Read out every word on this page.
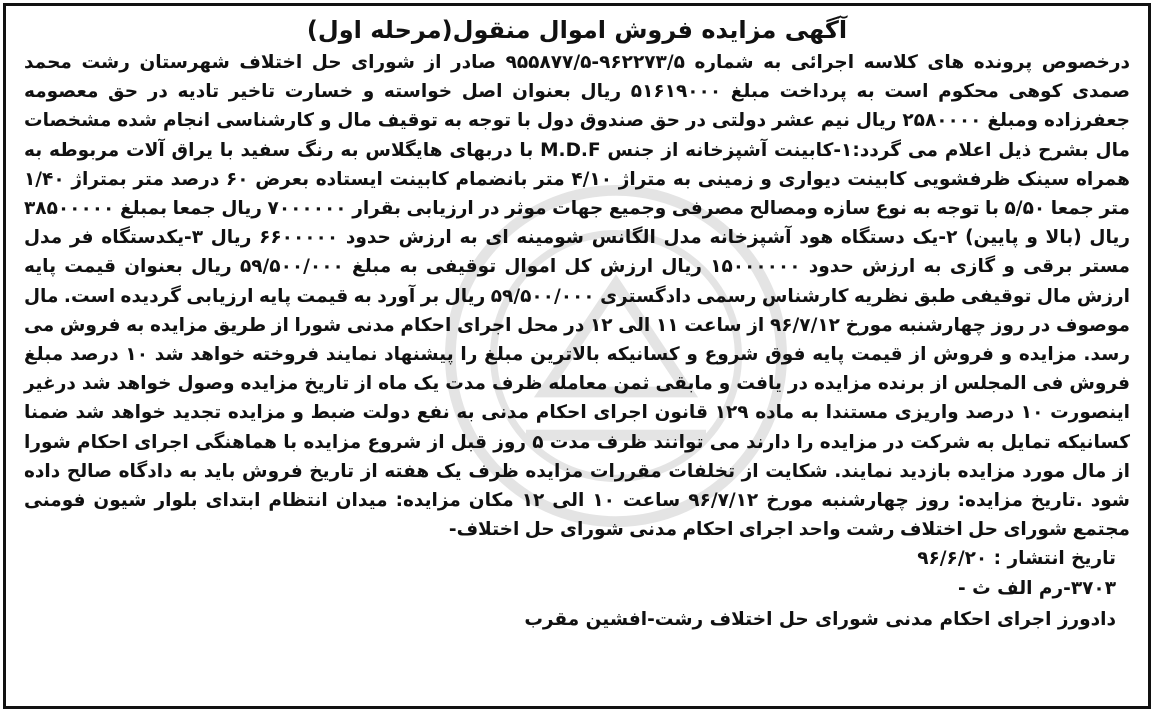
آگهی مزایده فروش اموال منقول(مرحله اول)

درخصوص پرونده های کلاسه اجرائی به شماره ۹۶۲۲۷۳/۵-۹۵۵۸۷۷/۵ صادر از شورای حل اختلاف شهرستان رشت محمد صمدی کوهی محکوم است به پرداخت مبلغ ۵۱۶۱۹۰۰۰ ریال بعنوان اصل خواسته و خسارت تاخیر تادیه در حق معصومه جعفرزاده ومبلغ ۲۵۸۰۰۰۰ ریال نیم عشر دولتی در حق صندوق دول با توجه به توقیف مال و کارشناسی انجام شده مشخصات مال بشرح ذیل اعلام می گردد:۱-کابینت آشپزخانه از جنس M.D.F با دربهای هایگلاس به رنگ سفید با یراق آلات مربوطه به همراه سینک ظرفشویی کابینت دیواری و زمینی به متراژ ۴/۱۰ متر بانضمام کابینت ایستاده بعرض ۶۰ درصد متر بمتراژ ۱/۴۰ متر جمعا ۵/۵۰ با توجه به نوع سازه ومصالح مصرفی وجمیع جهات موثر در ارزیابی بقرار ۷۰۰۰۰۰۰ ریال جمعا بمبلغ ۳۸۵۰۰۰۰۰ ریال (بالا و پایین) ۲-یک دستگاه هود آشپزخانه مدل الگانس شومینه ای به ارزش حدود ۶۶۰۰۰۰۰ ریال ۳-یکدستگاه فر مدل مستر برقی و گازی به ارزش حدود ۱۵۰۰۰۰۰۰ ریال ارزش کل اموال توقیفی به مبلغ ۵۹/۵۰۰/۰۰۰ ریال بعنوان قیمت پایه ارزش مال توقیفی طبق نظریه کارشناس رسمی دادگستری ۵۹/۵۰۰/۰۰۰ ریال بر آورد به قیمت پایه ارزیابی گردیده است. مال موصوف در روز چهارشنبه مورخ ۹۶/۷/۱۲ از ساعت ۱۱ الی ۱۲ در محل اجرای احکام مدنی شورا از طریق مزایده به فروش می رسد. مزایده و فروش از قیمت پایه فوق شروع و کسانیکه بالاترین مبلغ را پیشنهاد نمایند فروخته خواهد شد ۱۰ درصد مبلغ فروش فی المجلس از برنده مزایده در یافت و مابقی ثمن معامله ظرف مدت یک ماه از تاریخ مزایده وصول خواهد شد درغیر اینصورت ۱۰ درصد واریزی مستندا به ماده ۱۲۹ قانون اجرای احکام مدنی به نفع دولت ضبط و مزایده تجدید خواهد شد ضمنا کسانیکه تمایل به شرکت در مزایده را دارند می توانند ظرف مدت ۵ روز قبل از شروع مزایده با هماهنگی اجرای احکام شورا از مال مورد مزایده بازدید نمایند. شکایت از تخلفات مقررات مزایده ظرف یک هفته از تاریخ فروش باید به دادگاه صالح داده شود .تاریخ مزایده: روز چهارشنبه مورخ ۹۶/۷/۱۲ ساعت ۱۰ الی ۱۲ مکان مزایده: میدان انتظام ابتدای بلوار شیون فومنی مجتمع شورای حل اختلاف رشت واحد اجرای احکام مدنی شورای حل اختلاف-

تاریخ انتشار : ۹۶/۶/۲۰

۳۷۰۳-رم الف ث -

دادورز اجرای احکام مدنی شورای حل اختلاف رشت-افشین مقرب
